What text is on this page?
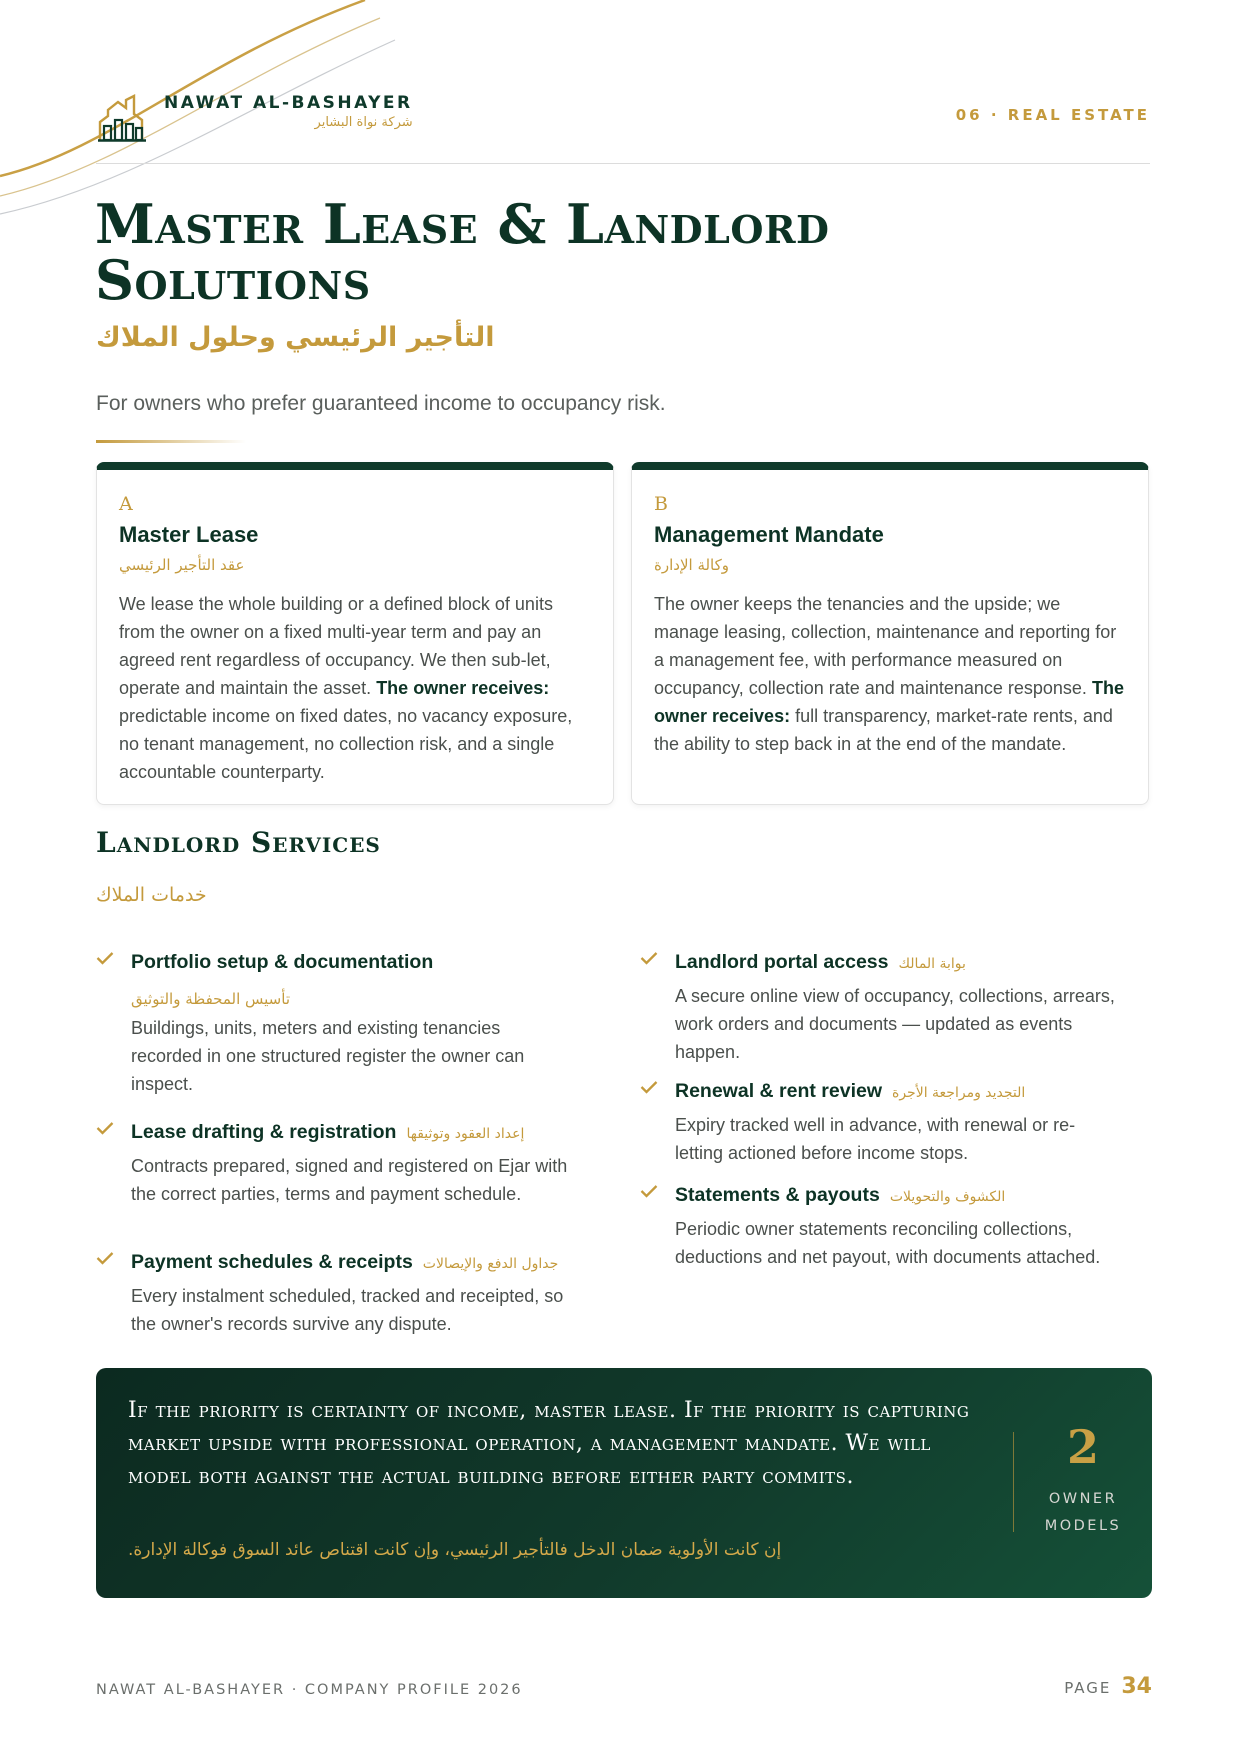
NAWAT AL-BASHAYER
شركة نواة البشاير	06 · REAL ESTATE
Master Lease & Landlord
Solutions
التأجير الرئيسي وحلول الملاك
For owners who prefer guaranteed income to occupancy risk.
A
Master Lease
عقد التأجير الرئيسي

We lease the whole building or a defined block of units from the owner on a fixed multi-year term and pay an agreed rent regardless of occupancy. We then sub-let, operate and maintain the asset. The owner receives: predictable income on fixed dates, no vacancy exposure, no tenant management, no collection risk, and a single accountable counterparty.

B
Management Mandate
وكالة الإدارة

The owner keeps the tenancies and the upside; we manage leasing, collection, maintenance and reporting for a management fee, with performance measured on occupancy, collection rate and maintenance response. The owner receives: full transparency, market-rate rents, and the ability to step back in at the end of the mandate.

Landlord Services
خدمات الملاك
Portfolio setup & documentation
تأسيس المحفظة والتوثيق
Buildings, units, meters and existing tenancies recorded in one structured register the owner can inspect.
Lease drafting & registration إعداد العقود وتوثيقها
Contracts prepared, signed and registered on Ejar with the correct parties, terms and payment schedule.
Payment schedules & receipts جداول الدفع والإيصالات
Every instalment scheduled, tracked and receipted, so the owner's records survive any dispute.
Landlord portal access بوابة المالك
A secure online view of occupancy, collections, arrears, work orders and documents — updated as events happen.
Renewal & rent review التجديد ومراجعة الأجرة
Expiry tracked well in advance, with renewal or re-letting actioned before income stops.
Statements & payouts الكشوف والتحويلات
Periodic owner statements reconciling collections, deductions and net payout, with documents attached.
If the priority is certainty of income, master lease. If the priority is capturing market upside with professional operation, a management mandate. We will model both against the actual building before either party commits.
إن كانت الأولوية ضمان الدخل فالتأجير الرئيسي، وإن كانت اقتناص عائد السوق فوكالة الإدارة.
2
OWNER
MODELS
NAWAT AL-BASHAYER · COMPANY PROFILE 2026	PAGE 34
